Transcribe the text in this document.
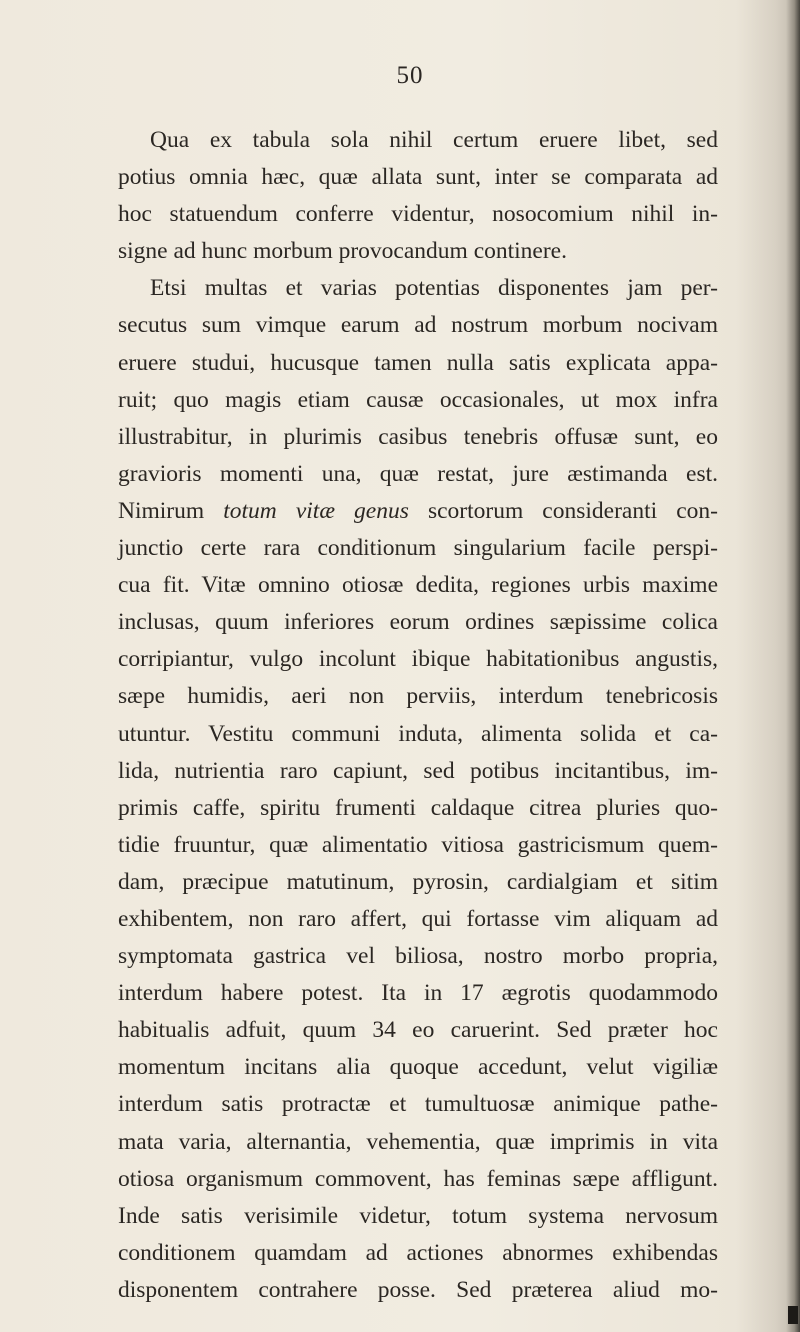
50
Qua ex tabula sola nihil certum eruere libet, sed
potius omnia hæc, quæ allata sunt, inter se comparata ad
hoc statuendum conferre videntur, nosocomium nihil in-
signe ad hunc morbum provocandum continere.
Etsi multas et varias potentias disponentes jam per-
secutus sum vimque earum ad nostrum morbum nocivam
eruere studui, hucusque tamen nulla satis explicata appa-
ruit; quo magis etiam causæ occasionales, ut mox infra
illustrabitur, in plurimis casibus tenebris offusæ sunt, eo
gravioris momenti una, quæ restat, jure æstimanda est.
Nimirum totum vitæ genus scortorum consideranti con-
junctio certe rara conditionum singularium facile perspi-
cua fit. Vitæ omnino otiosæ dedita, regiones urbis maxime
inclusas, quum inferiores eorum ordines sæpissime colica
corripiantur, vulgo incolunt ibique habitationibus angustis,
sæpe humidis, aeri non perviis, interdum tenebricosis
utuntur. Vestitu communi induta, alimenta solida et ca-
lida, nutrientia raro capiunt, sed potibus incitantibus, im-
primis caffe, spiritu frumenti caldaque citrea pluries quo-
tidie fruuntur, quæ alimentatio vitiosa gastricismum quem-
dam, præcipue matutinum, pyrosin, cardialgiam et sitim
exhibentem, non raro affert, qui fortasse vim aliquam ad
symptomata gastrica vel biliosa, nostro morbo propria,
interdum habere potest. Ita in 17 ægrotis quodammodo
habitualis adfuit, quum 34 eo caruerint. Sed præter hoc
momentum incitans alia quoque accedunt, velut vigiliæ
interdum satis protractæ et tumultuosæ animique pathe-
mata varia, alternantia, vehementia, quæ imprimis in vita
otiosa organismum commovent, has feminas sæpe affligunt.
Inde satis verisimile videtur, totum systema nervosum
conditionem quamdam ad actiones abnormes exhibendas
disponentem contrahere posse. Sed præterea aliud mo-
